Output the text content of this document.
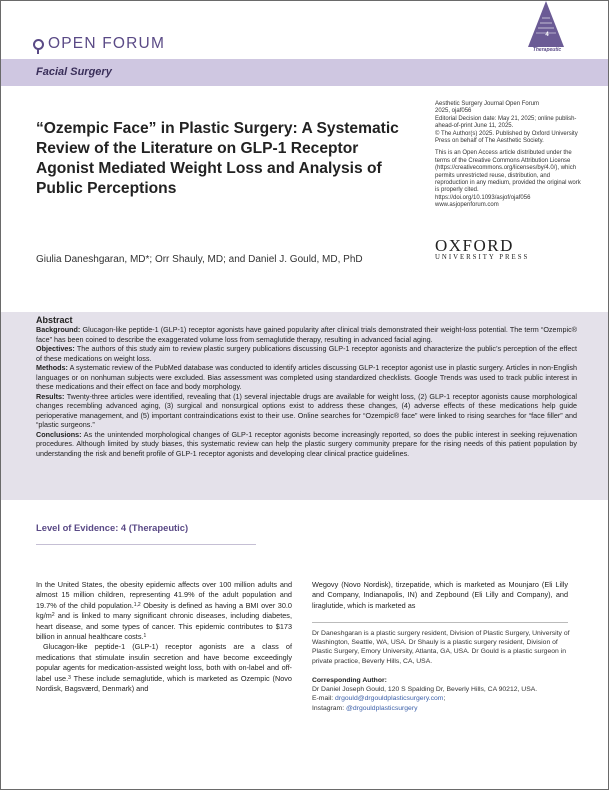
OPEN FORUM	4
Therapeutic
Facial Surgery
“Ozempic Face” in Plastic Surgery: A Systematic Review of the Literature on GLP-1 Receptor Agonist Mediated Weight Loss and Analysis of Public Perceptions
Aesthetic Surgery Journal Open Forum
2025, ojaf056
Editorial Decision date: May 21, 2025; online publish-ahead-of-print June 11, 2025.
© The Author(s) 2025. Published by Oxford University Press on behalf of The Aesthetic Society.
This is an Open Access article distributed under the terms of the Creative Commons Attribution License (https://creativecommons.org/licenses/by/4.0/), which permits unrestricted reuse, distribution, and reproduction in any medium, provided the original work is properly cited.
https://doi.org/10.1093/asjof/ojaf056
www.asjopenforum.com
OXFORD
UNIVERSITY PRESS
Giulia Daneshgaran, MD*; Orr Shauly, MD; and Daniel J. Gould, MD, PhD
Abstract

Background: Glucagon-like peptide-1 (GLP-1) receptor agonists have gained popularity after clinical trials demonstrated their weight-loss potential. The term “Ozempic® face” has been coined to describe the exaggerated volume loss from semaglutide therapy, resulting in advanced facial aging.

Objectives: The authors of this study aim to review plastic surgery publications discussing GLP-1 receptor agonists and characterize the public’s perception of the effect of these medications on weight loss.

Methods: A systematic review of the PubMed database was conducted to identify articles discussing GLP-1 receptor agonist use in plastic surgery. Articles in non-English languages or on nonhuman subjects were excluded. Bias assessment was completed using standardized checklists. Google Trends was used to track public interest in these medications and their effect on face and body morphology.

Results: Twenty-three articles were identified, revealing that (1) several injectable drugs are available for weight loss, (2) GLP-1 receptor agonists cause morphological changes recembling advanced aging, (3) surgical and nonsurgical options exist to address these changes, (4) adverse effects of these medications help guide perioperative management, and (5) important contraindications exist to their use. Online searches for “Ozempic® face” were linked to rising searches for “face filler” and “plastic surgeons.”

Conclusions: As the unintended morphological changes of GLP-1 receptor agonists become increasingly reported, so does the public interest in seeking rejuvenation procedures. Although limited by study biases, this systematic review can help the plastic surgery community prepare for the rising needs of this patient population by understanding the risk and benefit profile of GLP-1 receptor agonists and developing clear clinical practice guidelines.

Level of Evidence: 4 (Therapeutic)

In the United States, the obesity epidemic affects over 100 million adults and almost 15 million children, representing 41.9% of the adult population and 19.7% of the child population.$^{1,2}$ Obesity is defined as having a BMI over 30.0 $kg/m^2$ and is linked to many significant chronic diseases, including diabetes, heart disease, and some types of cancer. This epidemic contributes to $173 billion in annual healthcare costs.$^1$

Glucagon-like peptide-1 (GLP-1) receptor agonists are a class of medications that stimulate insulin secretion and have become exceedingly popular agents for medication-assisted weight loss, both with on-label and off-label use.$^3$ These include semaglutide, which is marketed as Ozempic (Novo Nordisk, Bagsværd, Denmark) and

Wegovy (Novo Nordisk), tirzepatide, which is marketed as Mounjaro (Eli Lilly and Company, Indianapolis, IN) and Zepbound (Eli Lilly and Company), and liraglutide, which is marketed as
Dr Daneshgaran is a plastic surgery resident, Division of Plastic Surgery, University of Washington, Seattle, WA, USA. Dr Shauly is a plastic surgery resident, Division of Plastic Surgery, Emory University, Atlanta, GA, USA. Dr Gould is a plastic surgeon in private practice, Beverly Hills, CA, USA.
Corresponding Author:
Dr Daniel Joseph Gould, 120 S Spalding Dr, Beverly Hills, CA 90212, USA.
E-mail: drgould@drgouldplasticsurgery.com;
Instagram: @drgouldplasticsurgery
